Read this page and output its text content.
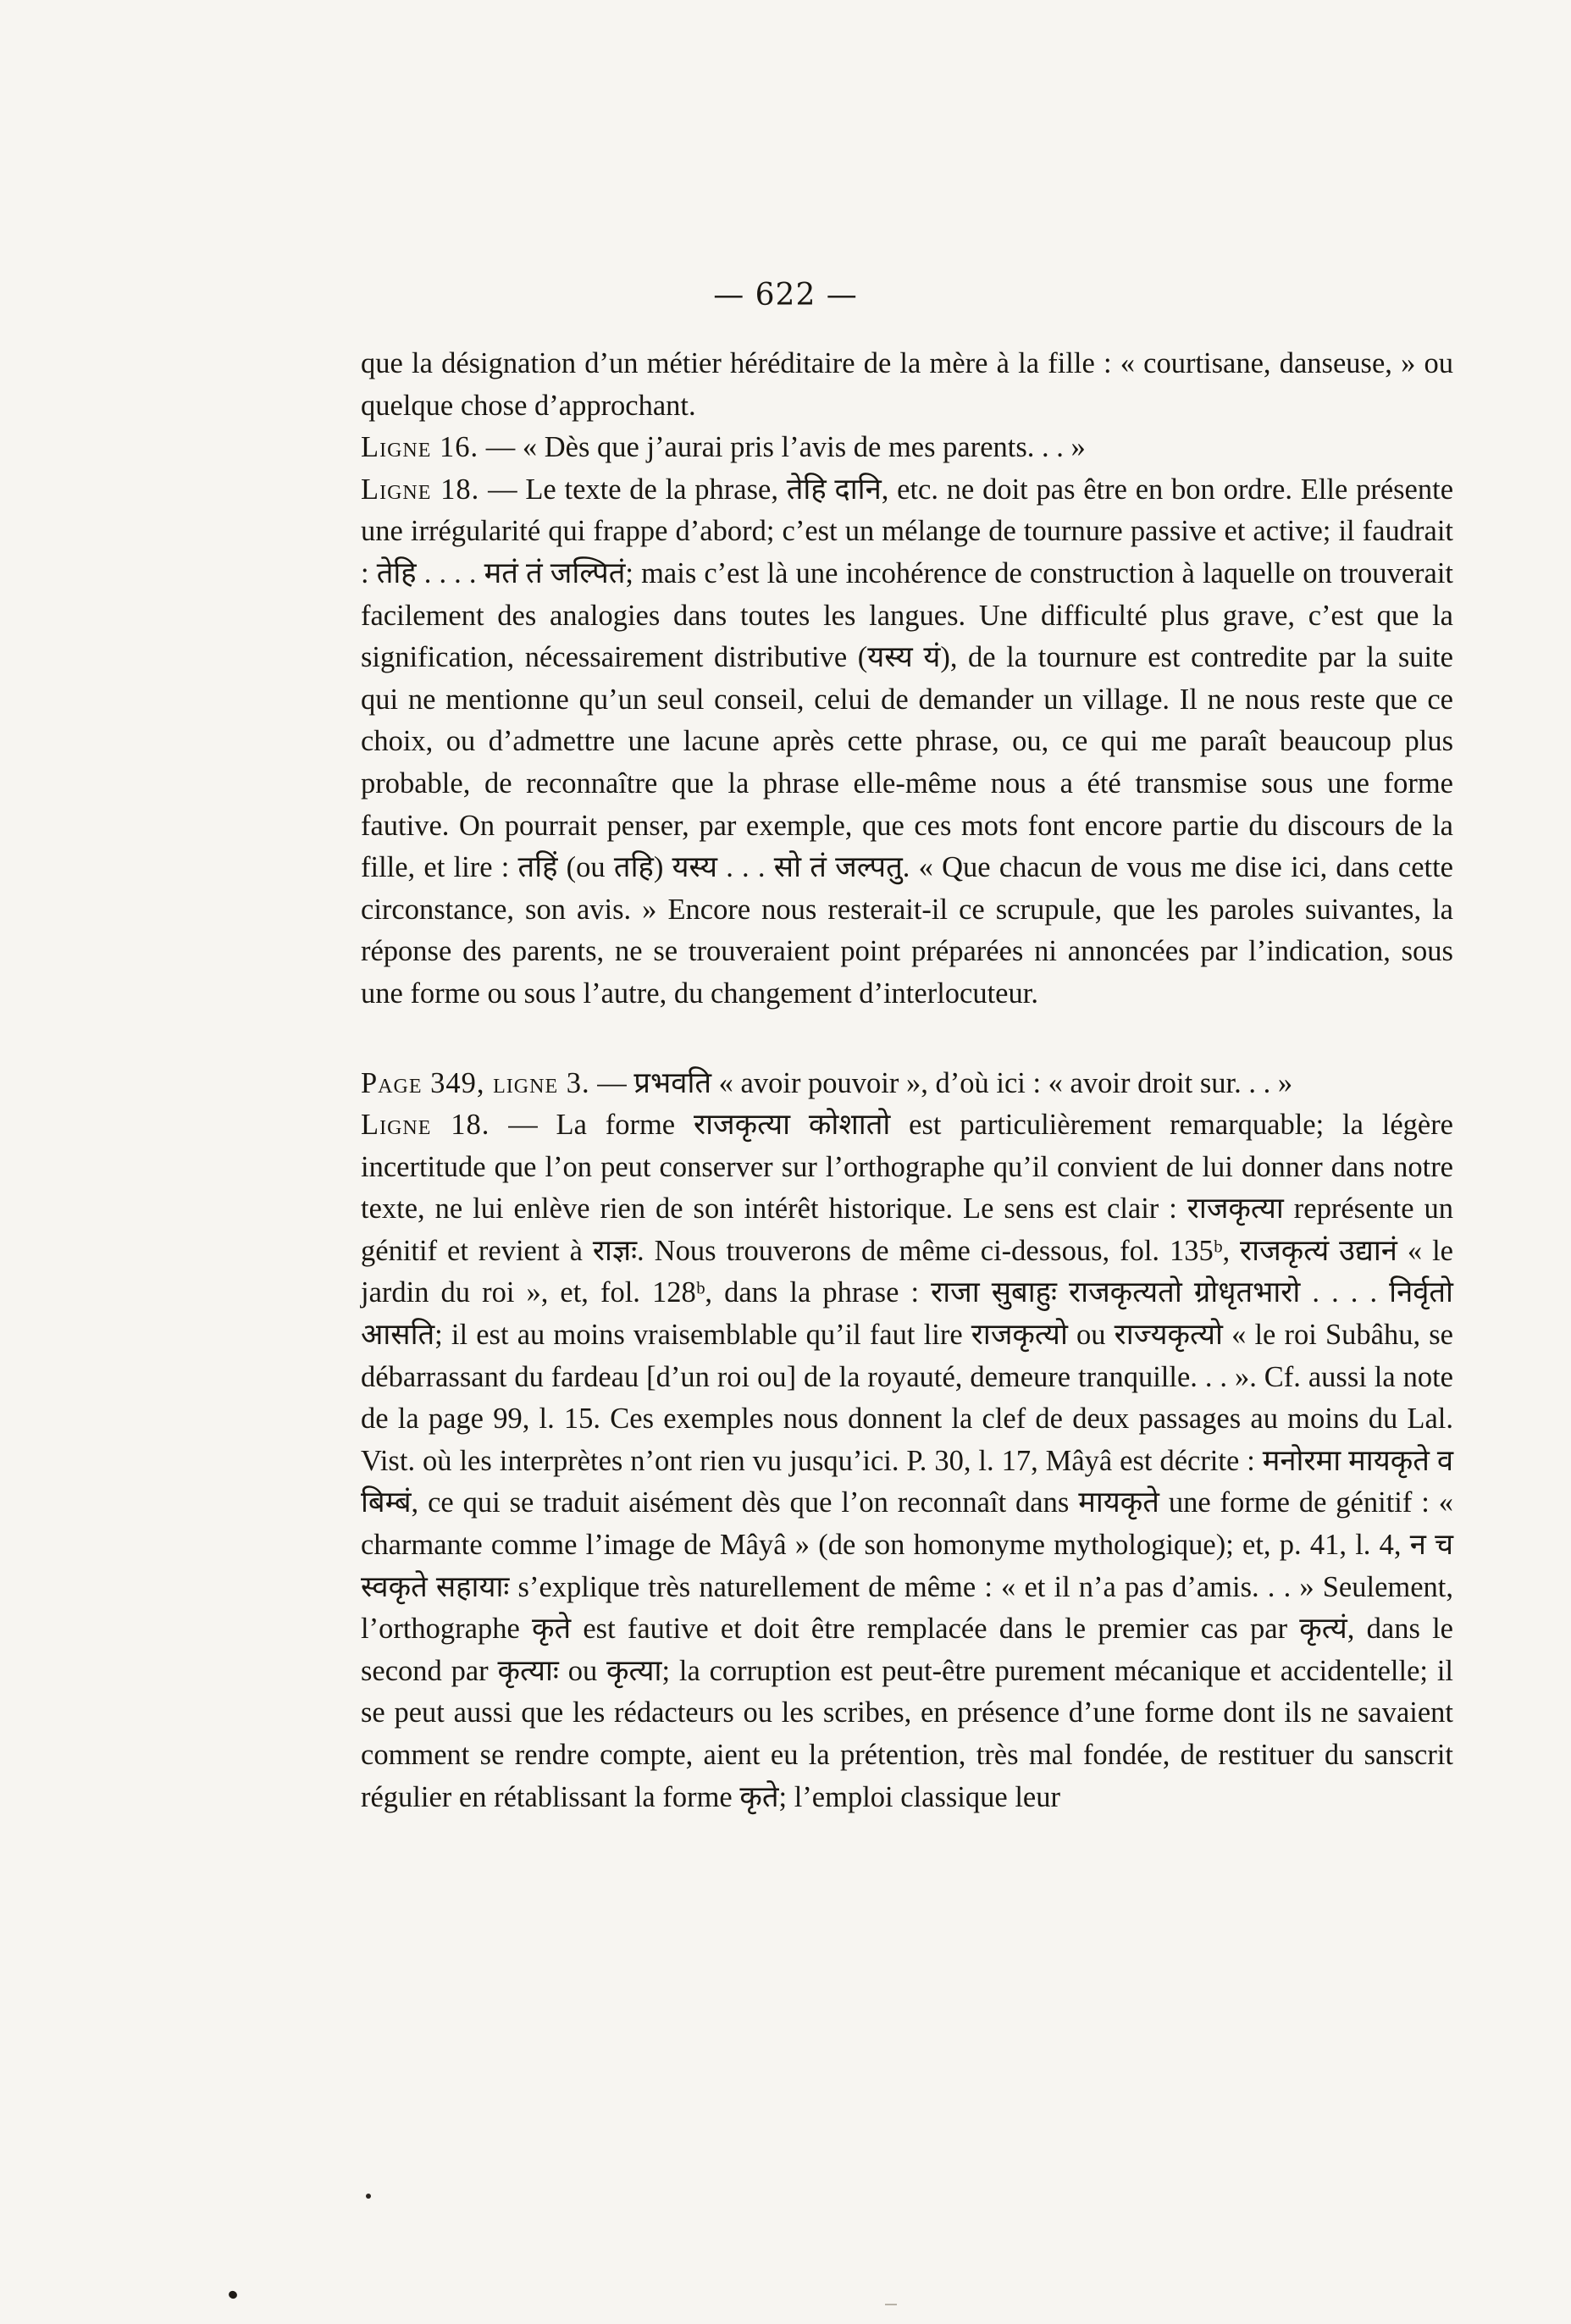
— 622 —

que la désignation d’un métier héréditaire de la mère à la fille : « courtisane, danseuse, » ou quelque chose d’approchant.

Ligne 16. — « Dès que j’aurai pris l’avis de mes parents. . . »

Ligne 18. — Le texte de la phrase, तेहि दानि, etc. ne doit pas être en bon ordre. Elle présente une irrégularité qui frappe d’abord; c’est un mélange de tournure passive et active; il faudrait : तेहि . . . . मतं तं जल्पितं; mais c’est là une incohérence de construction à laquelle on trouverait facilement des analogies dans toutes les langues. Une difficulté plus grave, c’est que la signification, nécessairement distributive (यस्य यं), de la tournure est contredite par la suite qui ne mentionne qu’un seul conseil, celui de demander un village. Il ne nous reste que ce choix, ou d’admettre une lacune après cette phrase, ou, ce qui me paraît beaucoup plus probable, de reconnaître que la phrase elle-même nous a été transmise sous une forme fautive. On pourrait penser, par exemple, que ces mots font encore partie du discours de la fille, et lire : तहिं (ou तहि) यस्य . . . सो तं जल्पतु. « Que chacun de vous me dise ici, dans cette circonstance, son avis. » Encore nous resterait-il ce scrupule, que les paroles suivantes, la réponse des parents, ne se trouveraient point préparées ni annoncées par l’indication, sous une forme ou sous l’autre, du changement d’interlocuteur.

Page 349, ligne 3. — प्रभवति « avoir pouvoir », d’où ici : « avoir droit sur. . . »

Ligne 18. — La forme राजकृत्या कोशातो est particulièrement remarquable; la légère incertitude que l’on peut conserver sur l’orthographe qu’il convient de lui donner dans notre texte, ne lui enlève rien de son intérêt historique. Le sens est clair : राजकृत्या représente un génitif et revient à राज्ञः. Nous trouverons de même ci-dessous, fol. 135ᵇ, राजकृत्यं उद्यानं « le jardin du roi », et, fol. 128ᵇ, dans la phrase : राजा सुबाहुः राजकृत्यतो ग्रोधृतभारो . . . . निर्वृतो आसति; il est au moins vraisemblable qu’il faut lire राजकृत्यो ou राज्यकृत्यो « le roi Subâhu, se débarrassant du fardeau [d’un roi ou] de la royauté, demeure tranquille. . . ». Cf. aussi la note de la page 99, l. 15. Ces exemples nous donnent la clef de deux passages au moins du Lal. Vist. où les interprètes n’ont rien vu jusqu’ici. P. 30, l. 17, Mâyâ est décrite : मनोरमा मायकृते व बिम्बं, ce qui se traduit aisément dès que l’on reconnaît dans मायकृते une forme de génitif : « charmante comme l’image de Mâyâ » (de son homonyme mythologique); et, p. 41, l. 4, न च स्वकृते सहायाः s’explique très naturellement de même : « et il n’a pas d’amis. . . » Seulement, l’orthographe कृते est fautive et doit être remplacée dans le premier cas par कृत्यं, dans le second par कृत्याः ou कृत्या; la corruption est peut-être purement mécanique et accidentelle; il se peut aussi que les rédacteurs ou les scribes, en présence d’une forme dont ils ne savaient comment se rendre compte, aient eu la prétention, très mal fondée, de restituer du sanscrit régulier en rétablissant la forme कृते; l’emploi classique leur
